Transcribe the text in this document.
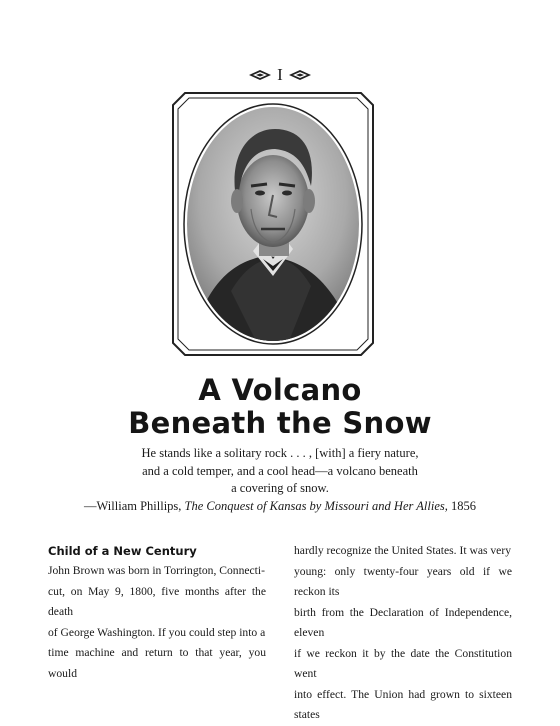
I
A Volcano
Beneath the Snow
He stands like a solitary rock . . . , [with] a fiery nature,
and a cold temper, and a cool head—a volcano beneath
a covering of snow.
—William Phillips, The Conquest of Kansas by Missouri and Her Allies, 1856
Child of a New Century

John Brown was born in Torrington, Connecti-

cut, on May 9, 1800, five months after the death

of George Washington. If you could step into a

time machine and return to that year, you would

hardly recognize the United States. It was very

young: only twenty-four years old if we reckon its

birth from the Declaration of Independence, eleven

if we reckon it by the date the Constitution went

into effect. The Union had grown to sixteen states
